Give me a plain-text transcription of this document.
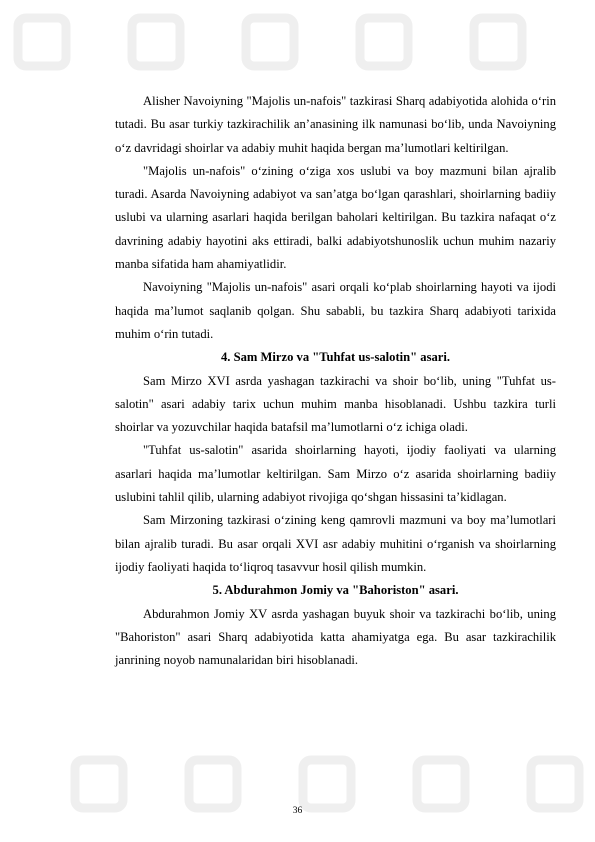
Alisher Navoiyning "Majolis un-nafois" tazkirasi Sharq adabiyotida alohida o‘rin tutadi. Bu asar turkiy tazkirachilik an’anasining ilk namunasi bo‘lib, unda Navoiyning o‘z davridagi shoirlar va adabiy muhit haqida bergan ma’lumotlari keltirilgan.

"Majolis un-nafois" o‘zining o‘ziga xos uslubi va boy mazmuni bilan ajralib turadi. Asarda Navoiyning adabiyot va san’atga bo‘lgan qarashlari, shoirlarning badiiy uslubi va ularning asarlari haqida berilgan baholari keltirilgan. Bu tazkira nafaqat o‘z davrining adabiy hayotini aks ettiradi, balki adabiyotshunoslik uchun muhim nazariy manba sifatida ham ahamiyatlidir.

Navoiyning "Majolis un-nafois" asari orqali ko‘plab shoirlarning hayoti va ijodi haqida ma’lumot saqlanib qolgan. Shu sababli, bu tazkira Sharq adabiyoti tarixida muhim o‘rin tutadi.

4. Sam Mirzo va "Tuhfat us-salotin" asari.

Sam Mirzo XVI asrda yashagan tazkirachi va shoir bo‘lib, uning "Tuhfat us-salotin" asari adabiy tarix uchun muhim manba hisoblanadi. Ushbu tazkira turli shoirlar va yozuvchilar haqida batafsil ma’lumotlarni o‘z ichiga oladi.

"Tuhfat us-salotin" asarida shoirlarning hayoti, ijodiy faoliyati va ularning asarlari haqida ma’lumotlar keltirilgan. Sam Mirzo o‘z asarida shoirlarning badiiy uslubini tahlil qilib, ularning adabiyot rivojiga qo‘shgan hissasini ta’kidlagan.

Sam Mirzoning tazkirasi o‘zining keng qamrovli mazmuni va boy ma’lumotlari bilan ajralib turadi. Bu asar orqali XVI asr adabiy muhitini o‘rganish va shoirlarning ijodiy faoliyati haqida to‘liqroq tasavvur hosil qilish mumkin.

5. Abdurahmon Jomiy va "Bahoriston" asari.

Abdurahmon Jomiy XV asrda yashagan buyuk shoir va tazkirachi bo‘lib, uning "Bahoriston" asari Sharq adabiyotida katta ahamiyatga ega. Bu asar tazkirachilik janrining noyob namunalaridan biri hisoblanadi.

36
